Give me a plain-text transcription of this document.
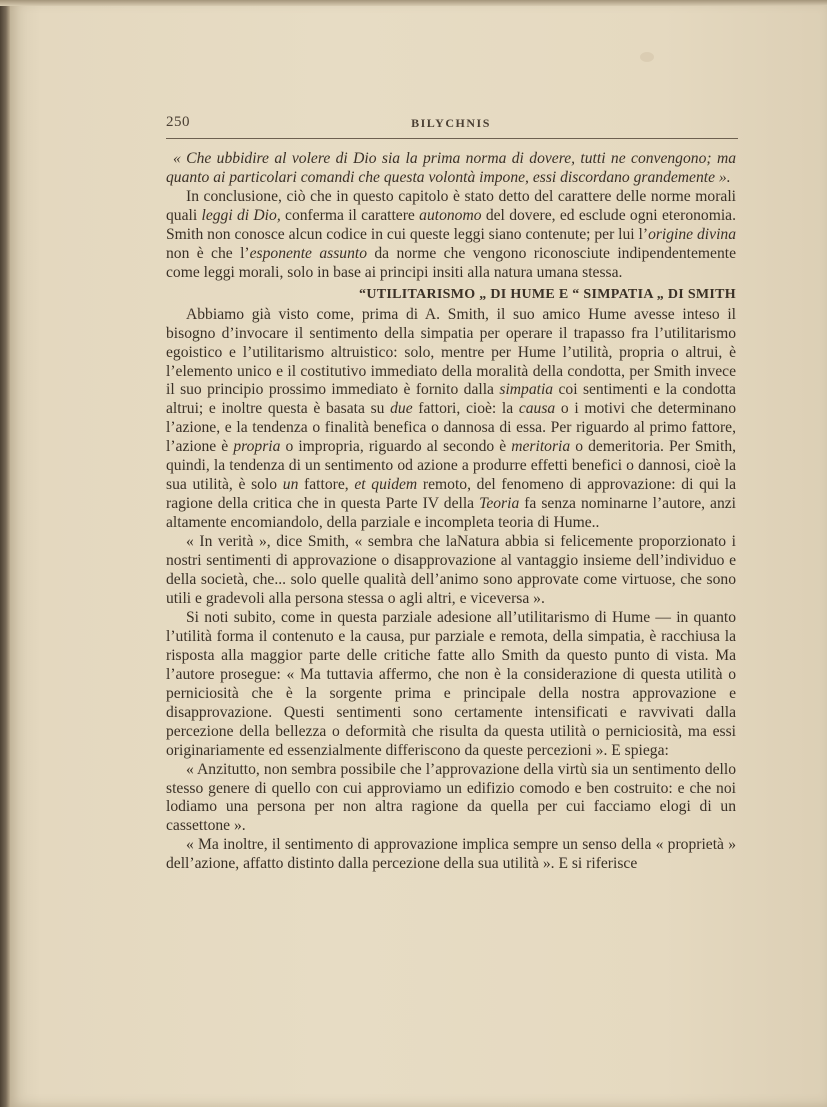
250	BILYCHNIS

« Che ubbidire al volere di Dio sia la prima norma di dovere, tutti ne convengono; ma quanto ai particolari comandi che questa volontà impone, essi discordano grandemente ».

In conclusione, ciò che in questo capitolo è stato detto del carattere delle norme morali quali leggi di Dio, conferma il carattere autonomo del dovere, ed esclude ogni eteronomia. Smith non conosce alcun codice in cui queste leggi siano contenute; per lui l’origine divina non è che l’esponente assunto da norme che vengono riconosciute indipendentemente come leggi morali, solo in base ai principi insiti alla natura umana stessa.

“UTILITARISMO „ DI HUME E “ SIMPATIA „ DI SMITH

Abbiamo già visto come, prima di A. Smith, il suo amico Hume avesse inteso il bisogno d’invocare il sentimento della simpatia per operare il trapasso fra l’utilitarismo egoistico e l’utilitarismo altruistico: solo, mentre per Hume l’utilità, propria o altrui, è l’elemento unico e il costitutivo immediato della moralità della condotta, per Smith invece il suo principio prossimo immediato è fornito dalla simpatia coi sentimenti e la condotta altrui; e inoltre questa è basata su due fattori, cioè: la causa o i motivi che determinano l’azione, e la tendenza o finalità benefica o dannosa di essa. Per riguardo al primo fattore, l’azione è propria o impropria, riguardo al secondo è meritoria o demeritoria. Per Smith, quindi, la tendenza di un sentimento od azione a produrre effetti benefici o dannosi, cioè la sua utilità, è solo un fattore, et quidem remoto, del fenomeno di approvazione: di qui la ragione della critica che in questa Parte IV della Teoria fa senza nominarne l’autore, anzi altamente encomiandolo, della parziale e incompleta teoria di Hume..

« In verità », dice Smith, « sembra che laNatura abbia si felicemente proporzionato i nostri sentimenti di approvazione o disapprovazione al vantaggio insieme dell’individuo e della società, che... solo quelle qualità dell’animo sono approvate come virtuose, che sono utili e gradevoli alla persona stessa o agli altri, e viceversa ».

Si noti subito, come in questa parziale adesione all’utilitarismo di Hume — in quanto l’utilità forma il contenuto e la causa, pur parziale e remota, della simpatia, è racchiusa la risposta alla maggior parte delle critiche fatte allo Smith da questo punto di vista. Ma l’autore prosegue: « Ma tuttavia affermo, che non è la considerazione di questa utilità o perniciosità che è la sorgente prima e principale della nostra approvazione e disapprovazione. Questi sentimenti sono certamente intensificati e ravvivati dalla percezione della bellezza o deformità che risulta da questa utilità o perniciosità, ma essi originariamente ed essenzialmente differiscono da queste percezioni ». E spiega:

« Anzitutto, non sembra possibile che l’approvazione della virtù sia un sentimento dello stesso genere di quello con cui approviamo un edifizio comodo e ben costruito: e che noi lodiamo una persona per non altra ragione da quella per cui facciamo elogi di un cassettone ».

« Ma inoltre, il sentimento di approvazione implica sempre un senso della « proprietà » dell’azione, affatto distinto dalla percezione della sua utilità ». E si riferisce
